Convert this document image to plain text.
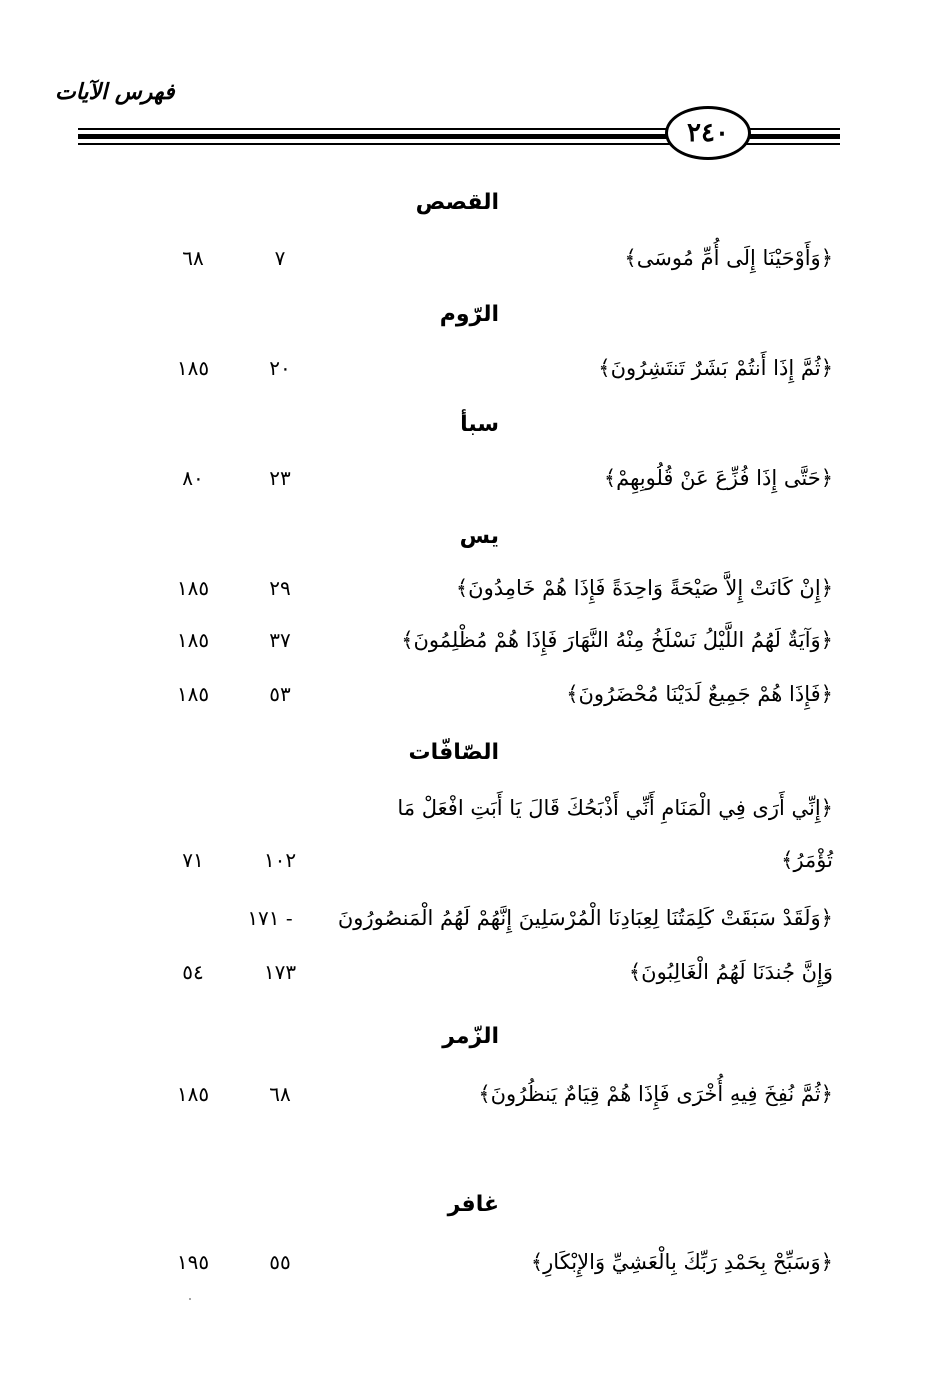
فهرس الآيات
٢٤٠
القصص
﴿وَأَوْحَيْنَا إِلَى أُمِّ مُوسَى﴾
٧
٦٨
الرّوم
﴿ثُمَّ إِذَا أَنتُمْ بَشَرٌ تَنتَشِرُونَ﴾
٢٠
١٨٥
سبأ
﴿حَتَّى إِذَا فُزِّعَ عَنْ قُلُوبِهِمْ﴾
٢٣
٨٠
يس
﴿إِنْ كَانَتْ إِلاَّ صَيْحَةً وَاحِدَةً فَإِذَا هُمْ خَامِدُونَ﴾
٢٩
١٨٥
﴿وَآيَةٌ لَهُمُ اللَّيْلُ نَسْلَخُ مِنْهُ النَّهَارَ فَإِذَا هُمْ مُظْلِمُونَ﴾
٣٧
١٨٥
﴿فَإِذَا هُمْ جَمِيعٌ لَدَيْنَا مُحْضَرُونَ﴾
٥٣
١٨٥
الصّافّات
﴿إِنِّي أَرَى فِي الْمَنَامِ أَنِّي أَذْبَحُكَ قَالَ يَا أَبَتِ افْعَلْ مَا
تُؤْمَرُ﴾
١٠٢
٧١
﴿وَلَقَدْ سَبَقَتْ كَلِمَتُنَا لِعِبَادِنَا الْمُرْسَلِينَ إِنَّهُمْ لَهُمُ الْمَنصُورُونَ
١٧١ -
وَإِنَّ جُندَنَا لَهُمُ الْغَالِبُونَ﴾
١٧٣
٥٤
الزّمر
﴿ثُمَّ نُفِخَ فِيهِ أُخْرَى فَإِذَا هُمْ قِيَامٌ يَنظُرُونَ﴾
٦٨
١٨٥
غافر
﴿وَسَبِّحْ بِحَمْدِ رَبِّكَ بِالْعَشِيِّ وَالإِبْكَارِ﴾
٥٥
١٩٥
